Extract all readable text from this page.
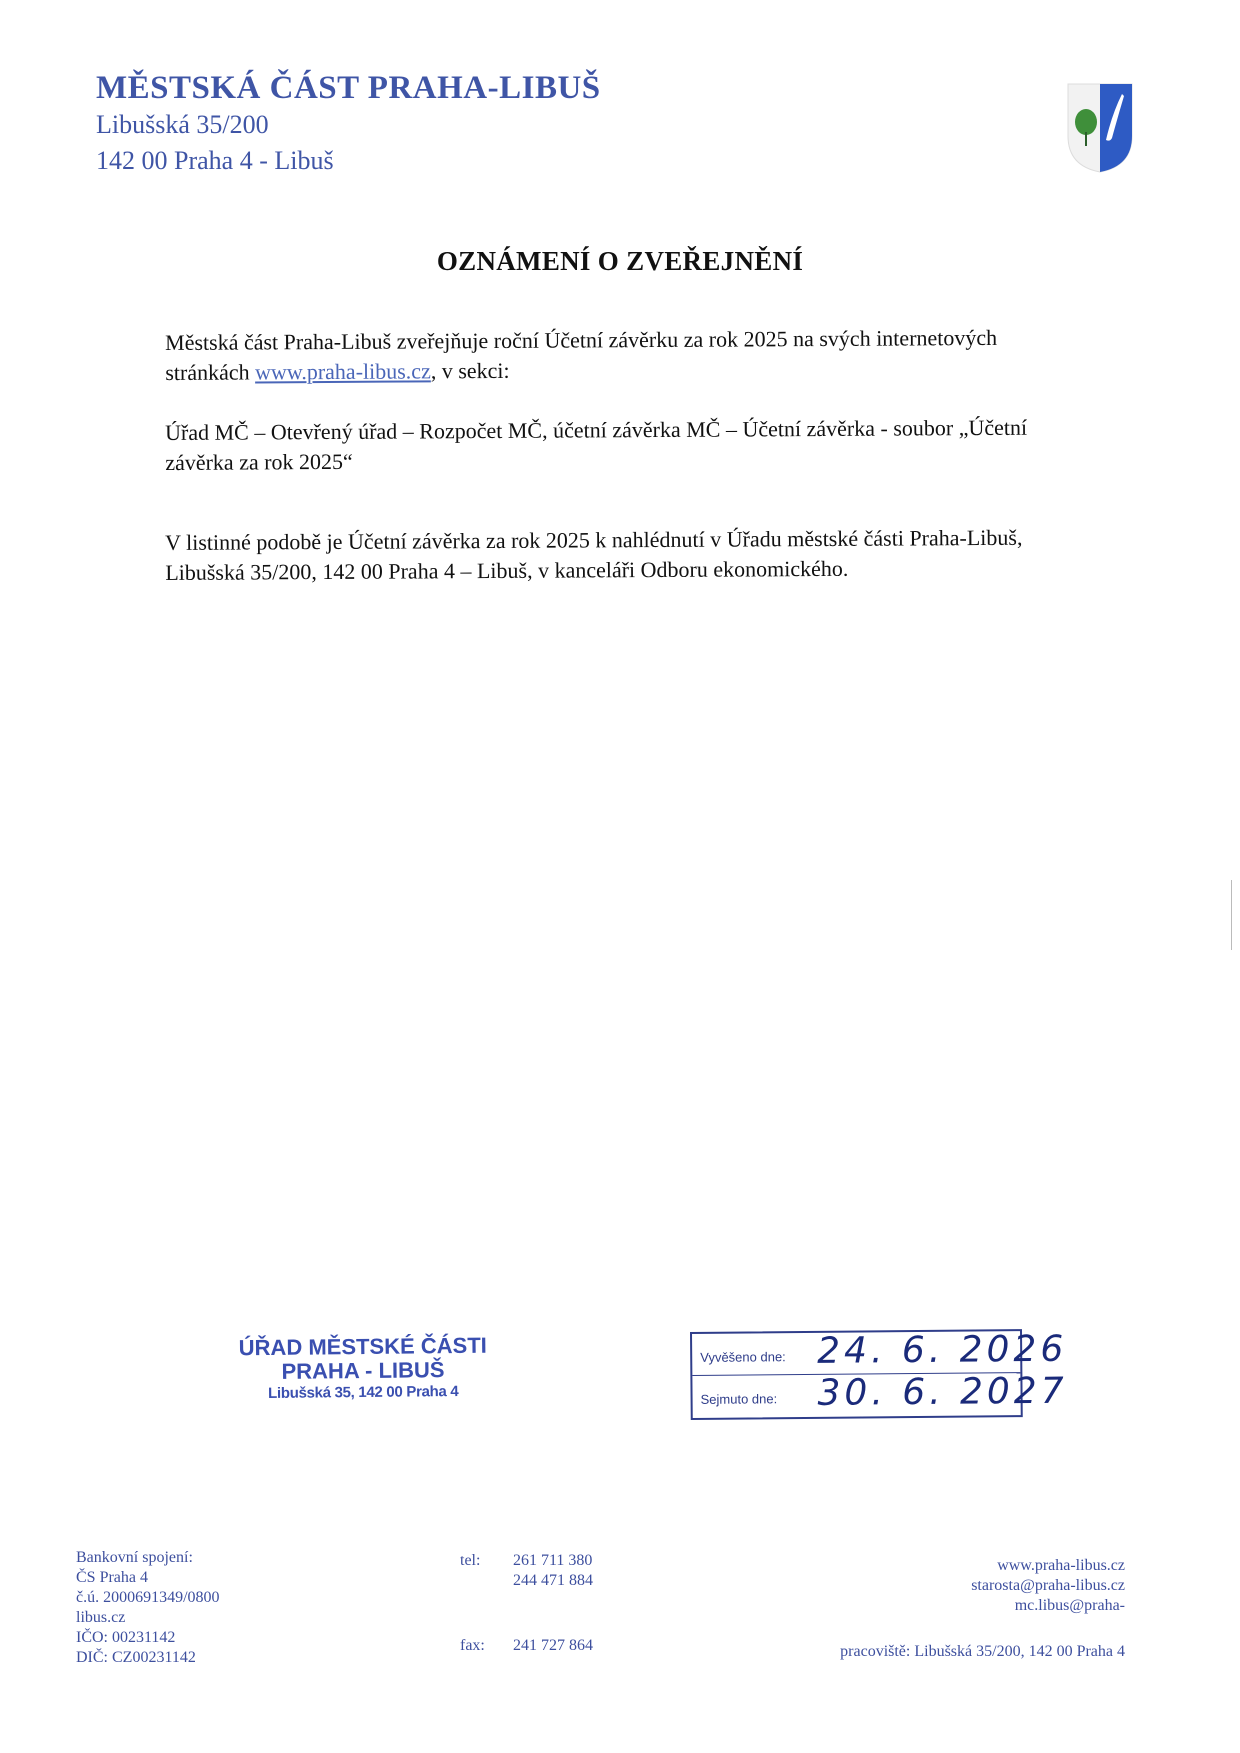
MĚSTSKÁ ČÁST PRAHA-LIBUŠ
Libušská 35/200
142 00 Praha 4 - Libuš
OZNÁMENÍ O ZVEŘEJNĚNÍ
Městská část Praha-Libuš zveřejňuje roční Účetní závěrku za rok 2025 na svých internetových
stránkách www.praha-libus.cz, v sekci:
Úřad MČ – Otevřený úřad – Rozpočet MČ, účetní závěrka MČ – Účetní závěrka - soubor „Účetní
závěrka za rok 2025“
V listinné podobě je Účetní závěrka za rok 2025 k nahlédnutí v Úřadu městské části Praha-Libuš,
Libušská 35/200, 142 00 Praha 4 – Libuš, v kanceláři Odboru ekonomického.
ÚŘAD MĚSTSKÉ ČÁSTI
PRAHA - LIBUŠ
Libušská 35, 142 00 Praha 4
Vyvěšeno dne: 24. 6. 2026
Sejmuto dne: 30. 6. 2027
Bankovní spojení:
ČS Praha 4
č.ú. 2000691349/0800
libus.cz
IČO: 00231142
DIČ: CZ00231142
tel: 261 711 380
244 471 884
fax: 241 727 864
www.praha-libus.cz
starosta@praha-libus.cz
mc.libus@praha-
pracoviště: Libušská 35/200, 142 00 Praha 4
